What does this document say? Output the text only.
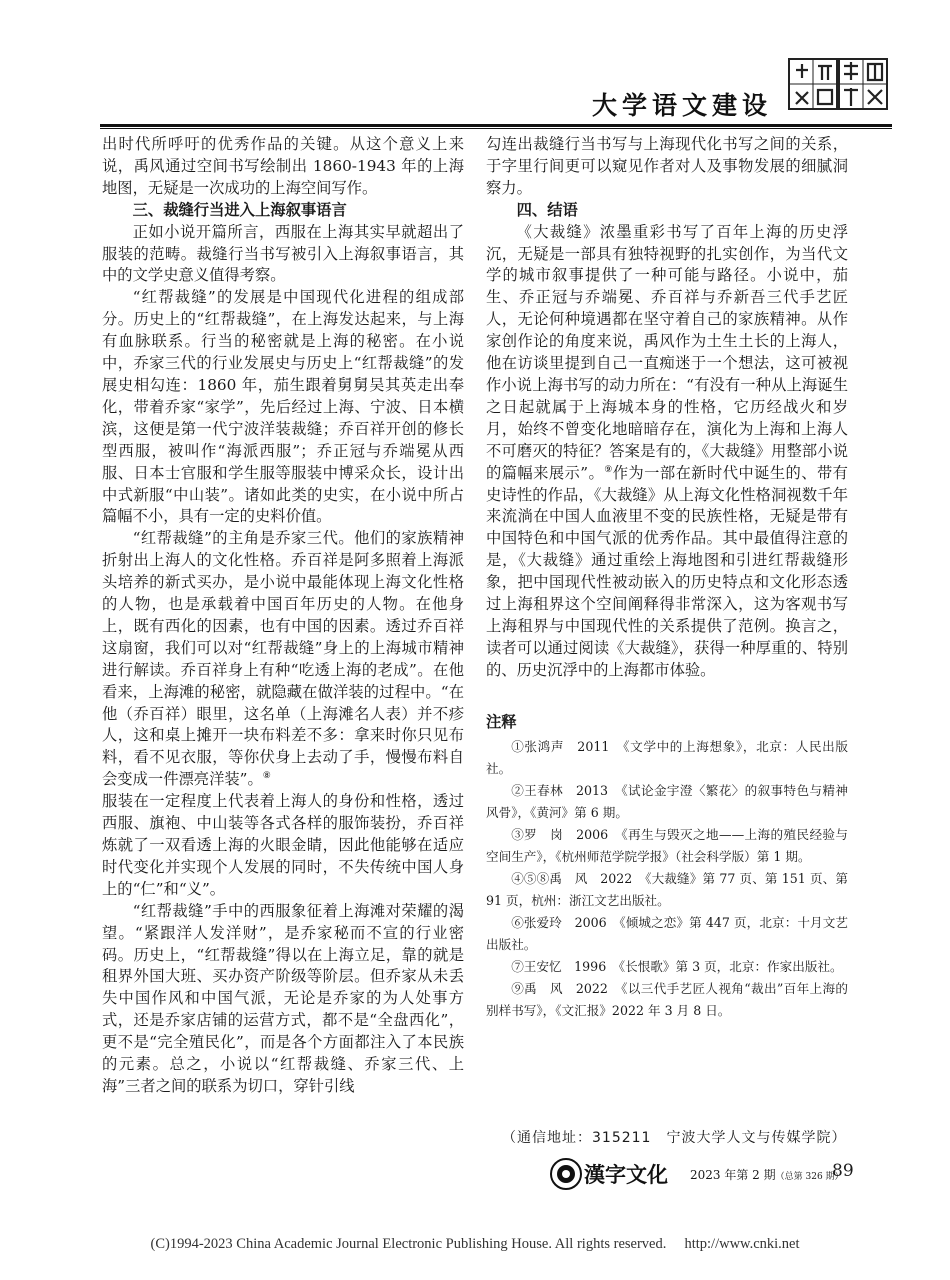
大学语文建设

出时代所呼吁的优秀作品的关键。从这个意义上来说，禹风通过空间书写绘制出 1860-1943 年的上海地图，无疑是一次成功的上海空间写作。

三、裁缝行当进入上海叙事语言

正如小说开篇所言，西服在上海其实早就超出了服装的范畴。裁缝行当书写被引入上海叙事语言，其中的文学史意义值得考察。

“红帮裁缝”的发展是中国现代化进程的组成部分。历史上的“红帮裁缝”，在上海发达起来，与上海有血脉联系。行当的秘密就是上海的秘密。在小说中，乔家三代的行业发展史与历史上“红帮裁缝”的发展史相勾连：1860 年，茄生跟着舅舅吴其英走出奉化，带着乔家“家学”，先后经过上海、宁波、日本横滨，这便是第一代宁波洋装裁缝；乔百祥开创的修长型西服，被叫作“海派西服”；乔正冠与乔端冕从西服、日本士官服和学生服等服装中博采众长，设计出中式新服“中山装”。诸如此类的史实，在小说中所占篇幅不小，具有一定的史料价值。

“红帮裁缝”的主角是乔家三代。他们的家族精神折射出上海人的文化性格。乔百祥是阿多照着上海派头培养的新式买办，是小说中最能体现上海文化性格的人物，也是承载着中国百年历史的人物。在他身上，既有西化的因素，也有中国的因素。透过乔百祥这扇窗，我们可以对“红帮裁缝”身上的上海城市精神进行解读。乔百祥身上有种“吃透上海的老成”。在他看来，上海滩的秘密，就隐藏在做洋装的过程中。“在他（乔百祥）眼里，这名单（上海滩名人表）并不疹人，这和桌上摊开一块布料差不多：拿来时你只见布料，看不见衣服，等你伏身上去动了手，慢慢布料自会变成一件漂亮洋装”。⑧
服装在一定程度上代表着上海人的身份和性格，透过西服、旗袍、中山装等各式各样的服饰装扮，乔百祥炼就了一双看透上海的火眼金睛，因此他能够在适应时代变化并实现个人发展的同时，不失传统中国人身上的“仁”和“义”。

“红帮裁缝”手中的西服象征着上海滩对荣耀的渴望。“紧跟洋人发洋财”，是乔家秘而不宣的行业密码。历史上，“红帮裁缝”得以在上海立足，靠的就是租界外国大班、买办资产阶级等阶层。但乔家从未丢失中国作风和中国气派，无论是乔家的为人处事方式，还是乔家店铺的运营方式，都不是“全盘西化”，更不是“完全殖民化”，而是各个方面都注入了本民族的元素。总之，小说以“红帮裁缝、乔家三代、上海”三者之间的联系为切口，穿针引线

勾连出裁缝行当书写与上海现代化书写之间的关系，于字里行间更可以窥见作者对人及事物发展的细腻洞察力。

四、结语

《大裁缝》浓墨重彩书写了百年上海的历史浮沉，无疑是一部具有独特视野的扎实创作，为当代文学的城市叙事提供了一种可能与路径。小说中，茄生、乔正冠与乔端冕、乔百祥与乔新吾三代手艺匠人，无论何种境遇都在坚守着自己的家族精神。从作家创作论的角度来说，禹风作为土生土长的上海人，他在访谈里提到自己一直痴迷于一个想法，这可被视作小说上海书写的动力所在：“有没有一种从上海诞生之日起就属于上海城本身的性格，它历经战火和岁月，始终不曾变化地暗暗存在，演化为上海和上海人不可磨灭的特征？答案是有的，《大裁缝》用整部小说的篇幅来展示”。⑨作为一部在新时代中诞生的、带有史诗性的作品，《大裁缝》从上海文化性格洞视数千年来流淌在中国人血液里不变的民族性格，无疑是带有中国特色和中国气派的优秀作品。其中最值得注意的是，《大裁缝》通过重绘上海地图和引进红帮裁缝形象，把中国现代性被动嵌入的历史特点和文化形态透过上海租界这个空间阐释得非常深入，这为客观书写上海租界与中国现代性的关系提供了范例。换言之，读者可以通过阅读《大裁缝》，获得一种厚重的、特别的、历史沉浮中的上海都市体验。

注释

①张鸿声　2011　《文学中的上海想象》，北京：人民出版社。

②王春林　2013　《试论金宇澄〈繁花〉的叙事特色与精神风骨》，《黄河》第 6 期。

③罗　岗　2006　《再生与毁灭之地——上海的殖民经验与空间生产》，《杭州师范学院学报》（社会科学版）第 1 期。

④⑤⑧禹　风　2022　《大裁缝》第 77 页、第 151 页、第 91 页，杭州：浙江文艺出版社。

⑥张爱玲　2006　《倾城之恋》第 447 页，北京：十月文艺出版社。

⑦王安忆　1996　《长恨歌》第 3 页，北京：作家出版社。

⑨禹　风　2022　《以三代手艺匠人视角“裁出”百年上海的别样书写》，《文汇报》2022 年 3 月 8 日。

（通信地址：315211　宁波大学人文与传媒学院）
漢字文化 2023 年第 2 期（总第 326 期）
89
(C)1994-2023 China Academic Journal Electronic Publishing House. All rights reserved.　 http://www.cnki.net
